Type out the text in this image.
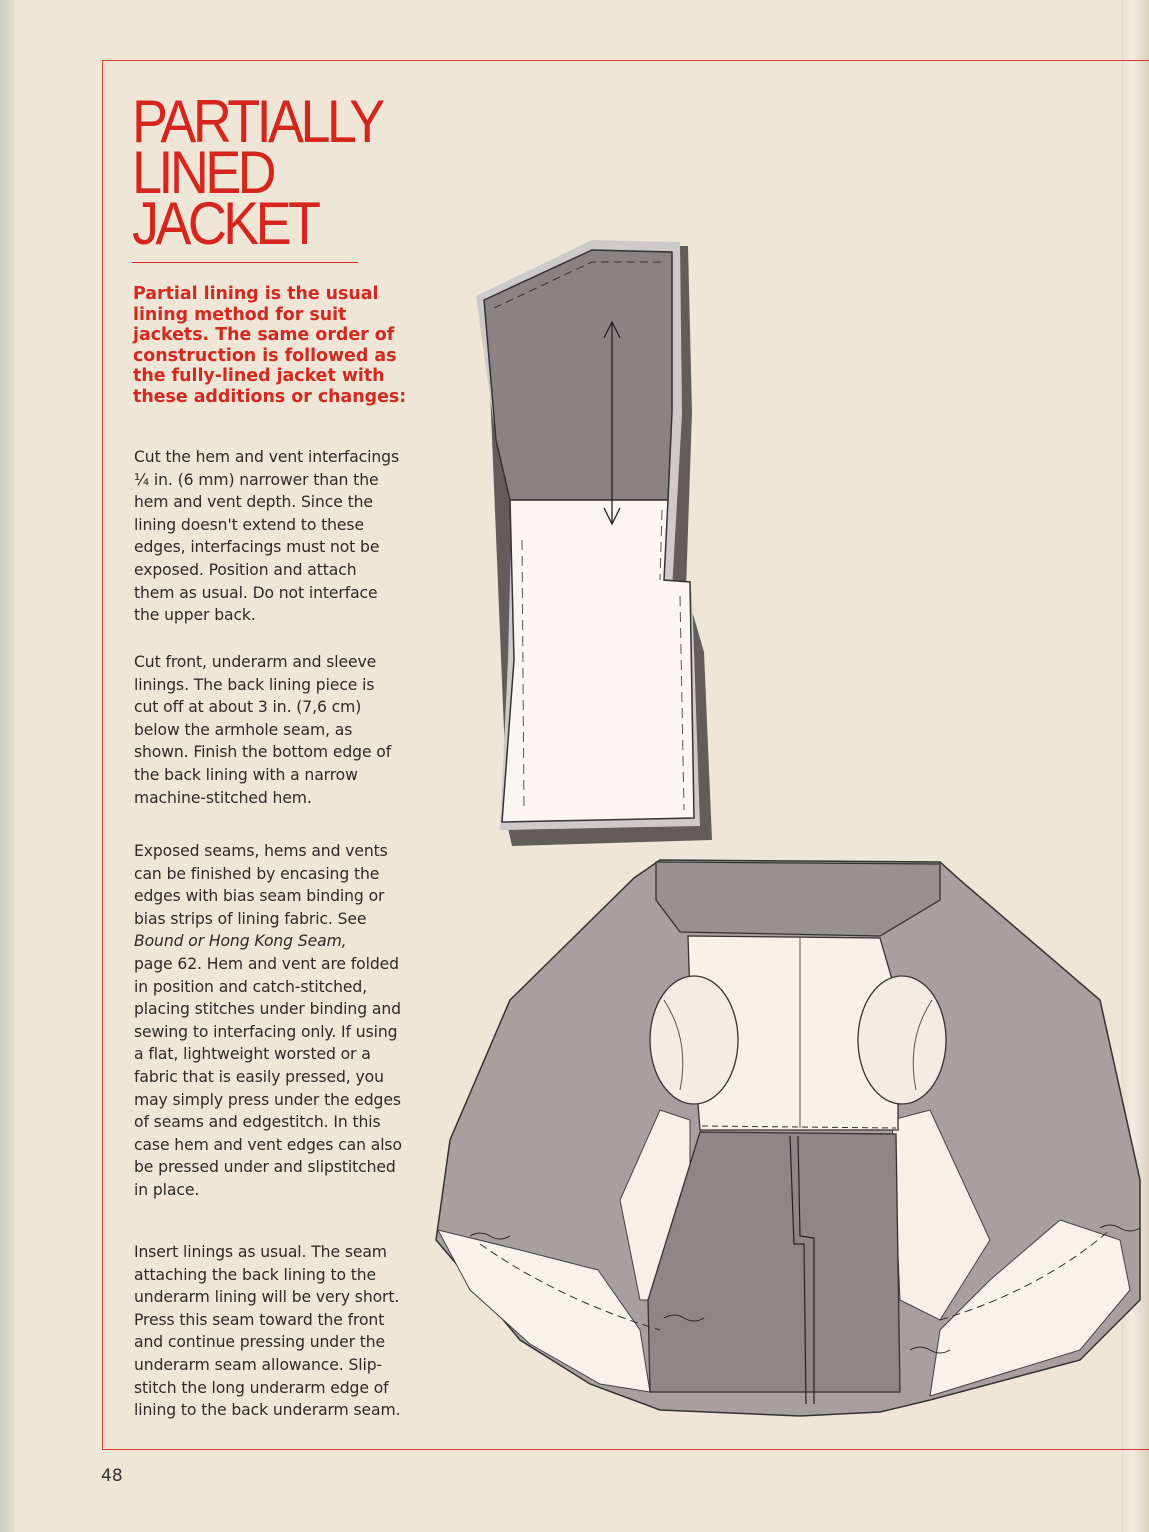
PARTIALLY
LINED
JACKET
Partial lining is the usual
lining method for suit
jackets. The same order of
construction is followed as
the fully-lined jacket with
these additions or changes:
Cut the hem and vent interfacings
¼ in. (6 mm) narrower than the
hem and vent depth. Since the
lining doesn't extend to these
edges, interfacings must not be
exposed. Position and attach
them as usual. Do not interface
the upper back.
Cut front, underarm and sleeve
linings. The back lining piece is
cut off at about 3 in. (7,6 cm)
below the armhole seam, as
shown. Finish the bottom edge of
the back lining with a narrow
machine-stitched hem.
Exposed seams, hems and vents
can be finished by encasing the
edges with bias seam binding or
bias strips of lining fabric. See
Bound or Hong Kong Seam,
page 62. Hem and vent are folded
in position and catch-stitched,
placing stitches under binding and
sewing to interfacing only. If using
a flat, lightweight worsted or a
fabric that is easily pressed, you
may simply press under the edges
of seams and edgestitch. In this
case hem and vent edges can also
be pressed under and slipstitched
in place.
Insert linings as usual. The seam
attaching the back lining to the
underarm lining will be very short.
Press this seam toward the front
and continue pressing under the
underarm seam allowance. Slip-
stitch the long underarm edge of
lining to the back underarm seam.
48
